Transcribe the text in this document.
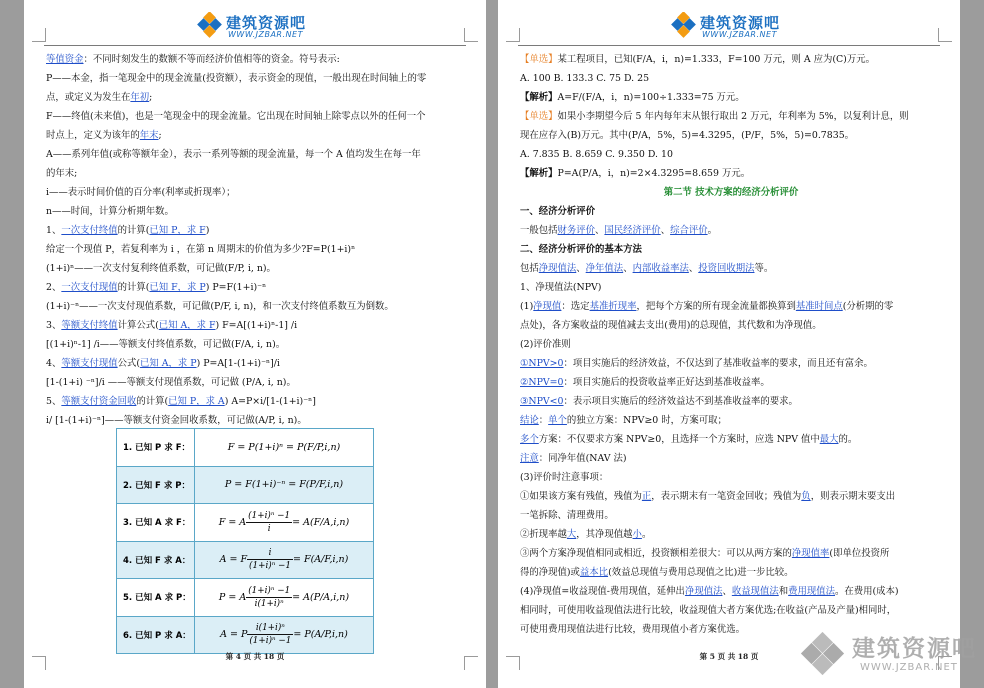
建筑资源吧
WWW.JZBAR.NET

等值资金：不同时刻发生的数额不等而经济价值相等的资金。符号表示:

P——本金，指一笔现金中的现金流量(投资额），表示资金的现值，一般出现在时间轴上的零

点，或定义为发生在年初;

F——终值(未来值)，也是一笔现金中的现金流量。它出现在时间轴上除零点以外的任何一个

时点上，定义为该年的年末;

A——系列年值(或称等额年金），表示一系列等额的现金流量，每一个 A 值均发生在每一年

的年末;

i——表示时间价值的百分率(利率或折现率）；

n——时间，计算分析期年数。

1、一次支付终值的计算(已知 P，求 F)

给定一个现值 P，若复利率为 i ，在第 n 周期末的价值为多少?F=P(1+i)ⁿ

(1+i)ⁿ——一次支付复利终值系数，可记做(F/P, i, n)。

2、一次支付现值的计算(已知 F，求 P) P=F(1+i)⁻ⁿ

(1+i)⁻ⁿ——一次支付现值系数，可记做(P/F, i, n)，和一次支付终值系数互为倒数。

3、等额支付终值计算公式(已知 A，求 F) F=A[(1+i)ⁿ-1] /i

[(1+i)ⁿ-1] /i——等额支付终值系数，可记做(F/A, i, n)。

4、等额支付现值公式(已知 A，求 P) P=A[1-(1+i)⁻ⁿ]/i

[1-(1+i) ⁻ⁿ]/i ——等额支付现值系数，可记做 (P/A, i, n)。

5、等额支付资金回收的计算(已知 P，求 A) A=P×i/[1-(1+i)⁻ⁿ]

i/ [1-(1+i)⁻ⁿ]——等额支付资金回收系数，可记做(A/P, i, n)。

1. 已知 P 求 F：	F = P(1+i)ⁿ = P(F/P,i,n)
2. 已知 F 求 P：	P = F(1+i)⁻ⁿ = F(P/F,i,n)
3. 已知 A 求 F：	F = A $\frac{\text{(1+i)ⁿ −1}}{i} = A(F/A,i,n)$
4. 已知 F 求 A：	A = F $\frac{i}{\text{(1+i)ⁿ −1}} = F(A/F,i,n)$
5. 已知 A 求 P：	P = A $\frac{\text{(1+i)ⁿ −1}}{\text{i(1+i)ⁿ}} = A(P/A,i,n)$
6. 已知 P 求 A：	A = P $\frac{\text{i(1+i)ⁿ}}{\text{(1+i)ⁿ −1}} = P(A/P,i,n)$
第 4 页 共 18 页
建筑资源吧
WWW.JZBAR.NET

【单选】某工程项目，已知(F/A，i，n)=1.333，F=100 万元，则 A 应为(C)万元。

A. 100 B. 133.3 C. 75 D. 25

【解析】A=F/(F/A，i，n)=100÷1.333=75 万元。

【单选】如果小李期望今后 5 年内每年末从银行取出 2 万元，年利率为 5%，以复利计息，则

现在应存入(B)万元。其中(P/A，5%，5)=4.3295，(P/F，5%，5)=0.7835。

A. 7.835 B. 8.659 C. 9.350 D. 10

【解析】P=A(P/A，i，n)=2×4.3295=8.659 万元。

第二节 技术方案的经济分析评价

一、经济分析评价

一般包括财务评价、国民经济评价、综合评价。

二、经济分析评价的基本方法

包括净现值法、净年值法、内部收益率法、投资回收期法等。

1、净现值法(NPV)

(1)净现值：选定基准折现率，把每个方案的所有现金流量都换算到基准时间点(分析期的零

点处)，各方案收益的现值减去支出(费用)的总现值，其代数和为净现值。

(2)评价准则

①NPV>0：项目实施后的经济效益，不仅达到了基准收益率的要求，而且还有富余。

②NPV=0：项目实施后的投资收益率正好达到基准收益率。

③NPV<0：表示项目实施后的经济效益达不到基准收益率的要求。

结论：单个的独立方案：NPV≥0 时，方案可取；

多个方案：不仅要求方案 NPV≥0，且选择一个方案时，应选 NPV 值中最大的。

注意：同净年值(NAV 法)

(3)评价时注意事项：

①如果该方案有残值，残值为正，表示期末有一笔资金回收；残值为负，则表示期末要支出

一笔拆除、清理费用。

②折现率越大，其净现值越小。

③两个方案净现值相同或相近，投资额相差很大：可以从两方案的净现值率(即单位投资所

得的净现值)或益本比(效益总现值与费用总现值之比)进一步比较。

(4)净现值=收益现值-费用现值，延伸出净现值法、收益现值法和费用现值法。在费用(成本)

相同时，可使用收益现值法进行比较，收益现值大者方案优选;在收益(产品及产量)相同时，

可使用费用现值法进行比较，费用现值小者方案优选。

第 5 页 共 18 页	建筑资源吧
WWW.JZBAR.NET
